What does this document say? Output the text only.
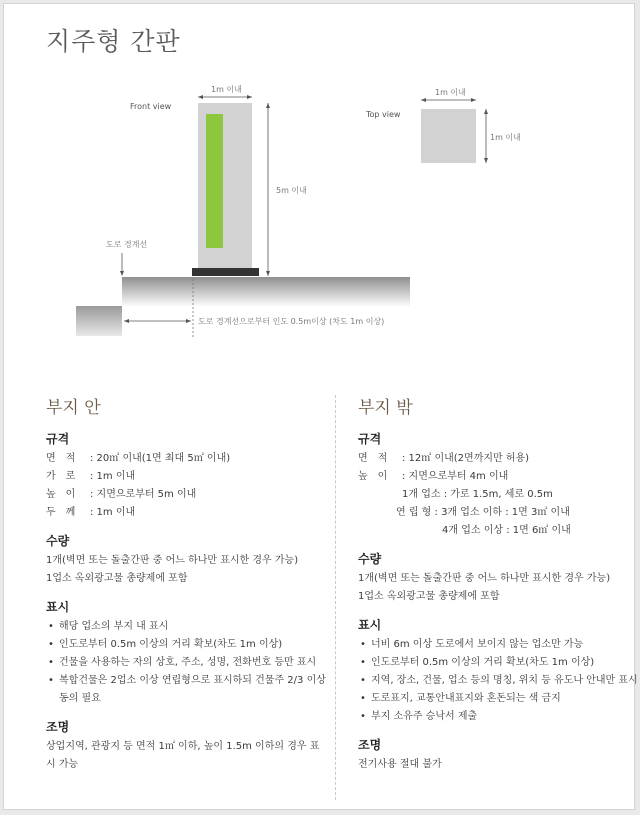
지주형 간판
Front view
1m 이내
5m 이내
도로 경계선
도로 경계선으로부터 인도 0.5m이상 (차도 1m 이상)
Top view
1m 이내
1m 이내
부지 안
규격
면　적 : 20㎡ 이내(1면 최대 5㎡ 이내)
가　로 : 1m 이내
높　이 : 지면으로부터 5m 이내
두　께 : 1m 이내
수량
1개(벽면 또는 돌출간판 중 어느 하나만 표시한 경우 가능)
1업소 옥외광고물 총량제에 포함
표시
• 해당 업소의 부지 내 표시
• 인도로부터 0.5m 이상의 거리 확보(차도 1m 이상)
• 건물을 사용하는 자의 상호, 주소, 성명, 전화번호 등만 표시
• 복합건물은 2업소 이상 연립형으로 표시하되 건물주 2/3 이상 동의 필요
조명
상업지역, 관광지 등 면적 1㎡ 이하, 높이 1.5m 이하의 경우 표시 가능
부지 밖
규격
면　적 : 12㎡ 이내(2면까지만 허용)
높　이 : 지면으로부터 4m 이내
1개 업소 : 가로 1.5m, 세로 0.5m
연 립 형 : 3개 업소 이하 : 1면 3㎡ 이내
4개 업소 이상 : 1면 6㎡ 이내
수량
1개(벽면 또는 돌출간판 중 어느 하나만 표시한 경우 가능)
1업소 옥외광고물 총량제에 포함
표시
• 너비 6m 이상 도로에서 보이지 않는 업소만 가능
• 인도로부터 0.5m 이상의 거리 확보(차도 1m 이상)
• 지역, 장소, 건물, 업소 등의 명칭, 위치 등 유도나 안내만 표시
• 도로표지, 교통안내표지와 혼돈되는 색 금지
• 부지 소유주 승낙서 제출
조명
전기사용 절대 불가
